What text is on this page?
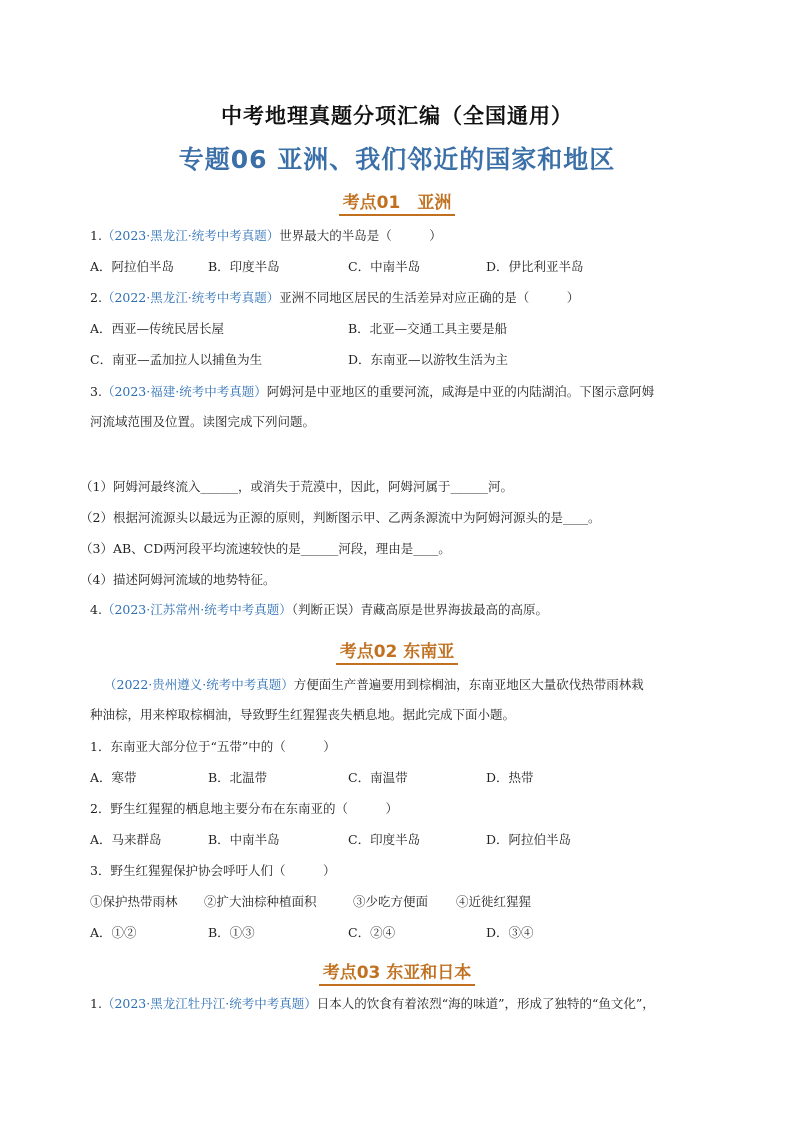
中考地理真题分项汇编（全国通用）
专题06 亚洲、我们邻近的国家和地区
考点01　亚洲
1.（2023·黑龙江·统考中考真题）世界最大的半岛是（　　　）
A．阿拉伯半岛	B．印度半岛	C．中南半岛	D．伊比利亚半岛
2.（2022·黑龙江·统考中考真题）亚洲不同地区居民的生活差异对应正确的是（　　　）
A．西亚—传统民居长屋	B．北亚—交通工具主要是船
C．南亚—孟加拉人以捕鱼为生	D．东南亚—以游牧生活为主
3.（2023·福建·统考中考真题）阿姆河是中亚地区的重要河流，咸海是中亚的内陆湖泊。下图示意阿姆
河流域范围及位置。读图完成下列问题。
（1）阿姆河最终流入______，或消失于荒漠中，因此，阿姆河属于______河。
（2）根据河流源头以最远为正源的原则，判断图示甲、乙两条源流中为阿姆河源头的是____。
（3）AB、CD两河段平均流速较快的是______河段，理由是____。
（4）描述阿姆河流域的地势特征。
4.（2023·江苏常州·统考中考真题）（判断正误）青藏高原是世界海拔最高的高原。
考点02 东南亚
（2022·贵州遵义·统考中考真题）方便面生产普遍要用到棕榈油，东南亚地区大量砍伐热带雨林栽
种油棕，用来榨取棕榈油，导致野生红猩猩丧失栖息地。据此完成下面小题。
1．东南亚大部分位于“五带”中的（　　　）
A．寒带	B．北温带	C．南温带	D．热带
2．野生红猩猩的栖息地主要分布在东南亚的（　　　）
A．马来群岛	B．中南半岛	C．印度半岛	D．阿拉伯半岛
3．野生红猩猩保护协会呼吁人们（　　　）
①保护热带雨林 ②扩大油棕种植面积	③少吃方便面 ④近徙红猩猩
A．①②	B．①③	C．②④	D．③④
考点03 东亚和日本
1.（2023·黑龙江牡丹江·统考中考真题）日本人的饮食有着浓烈“海的味道”，形成了独特的“鱼文化”，
